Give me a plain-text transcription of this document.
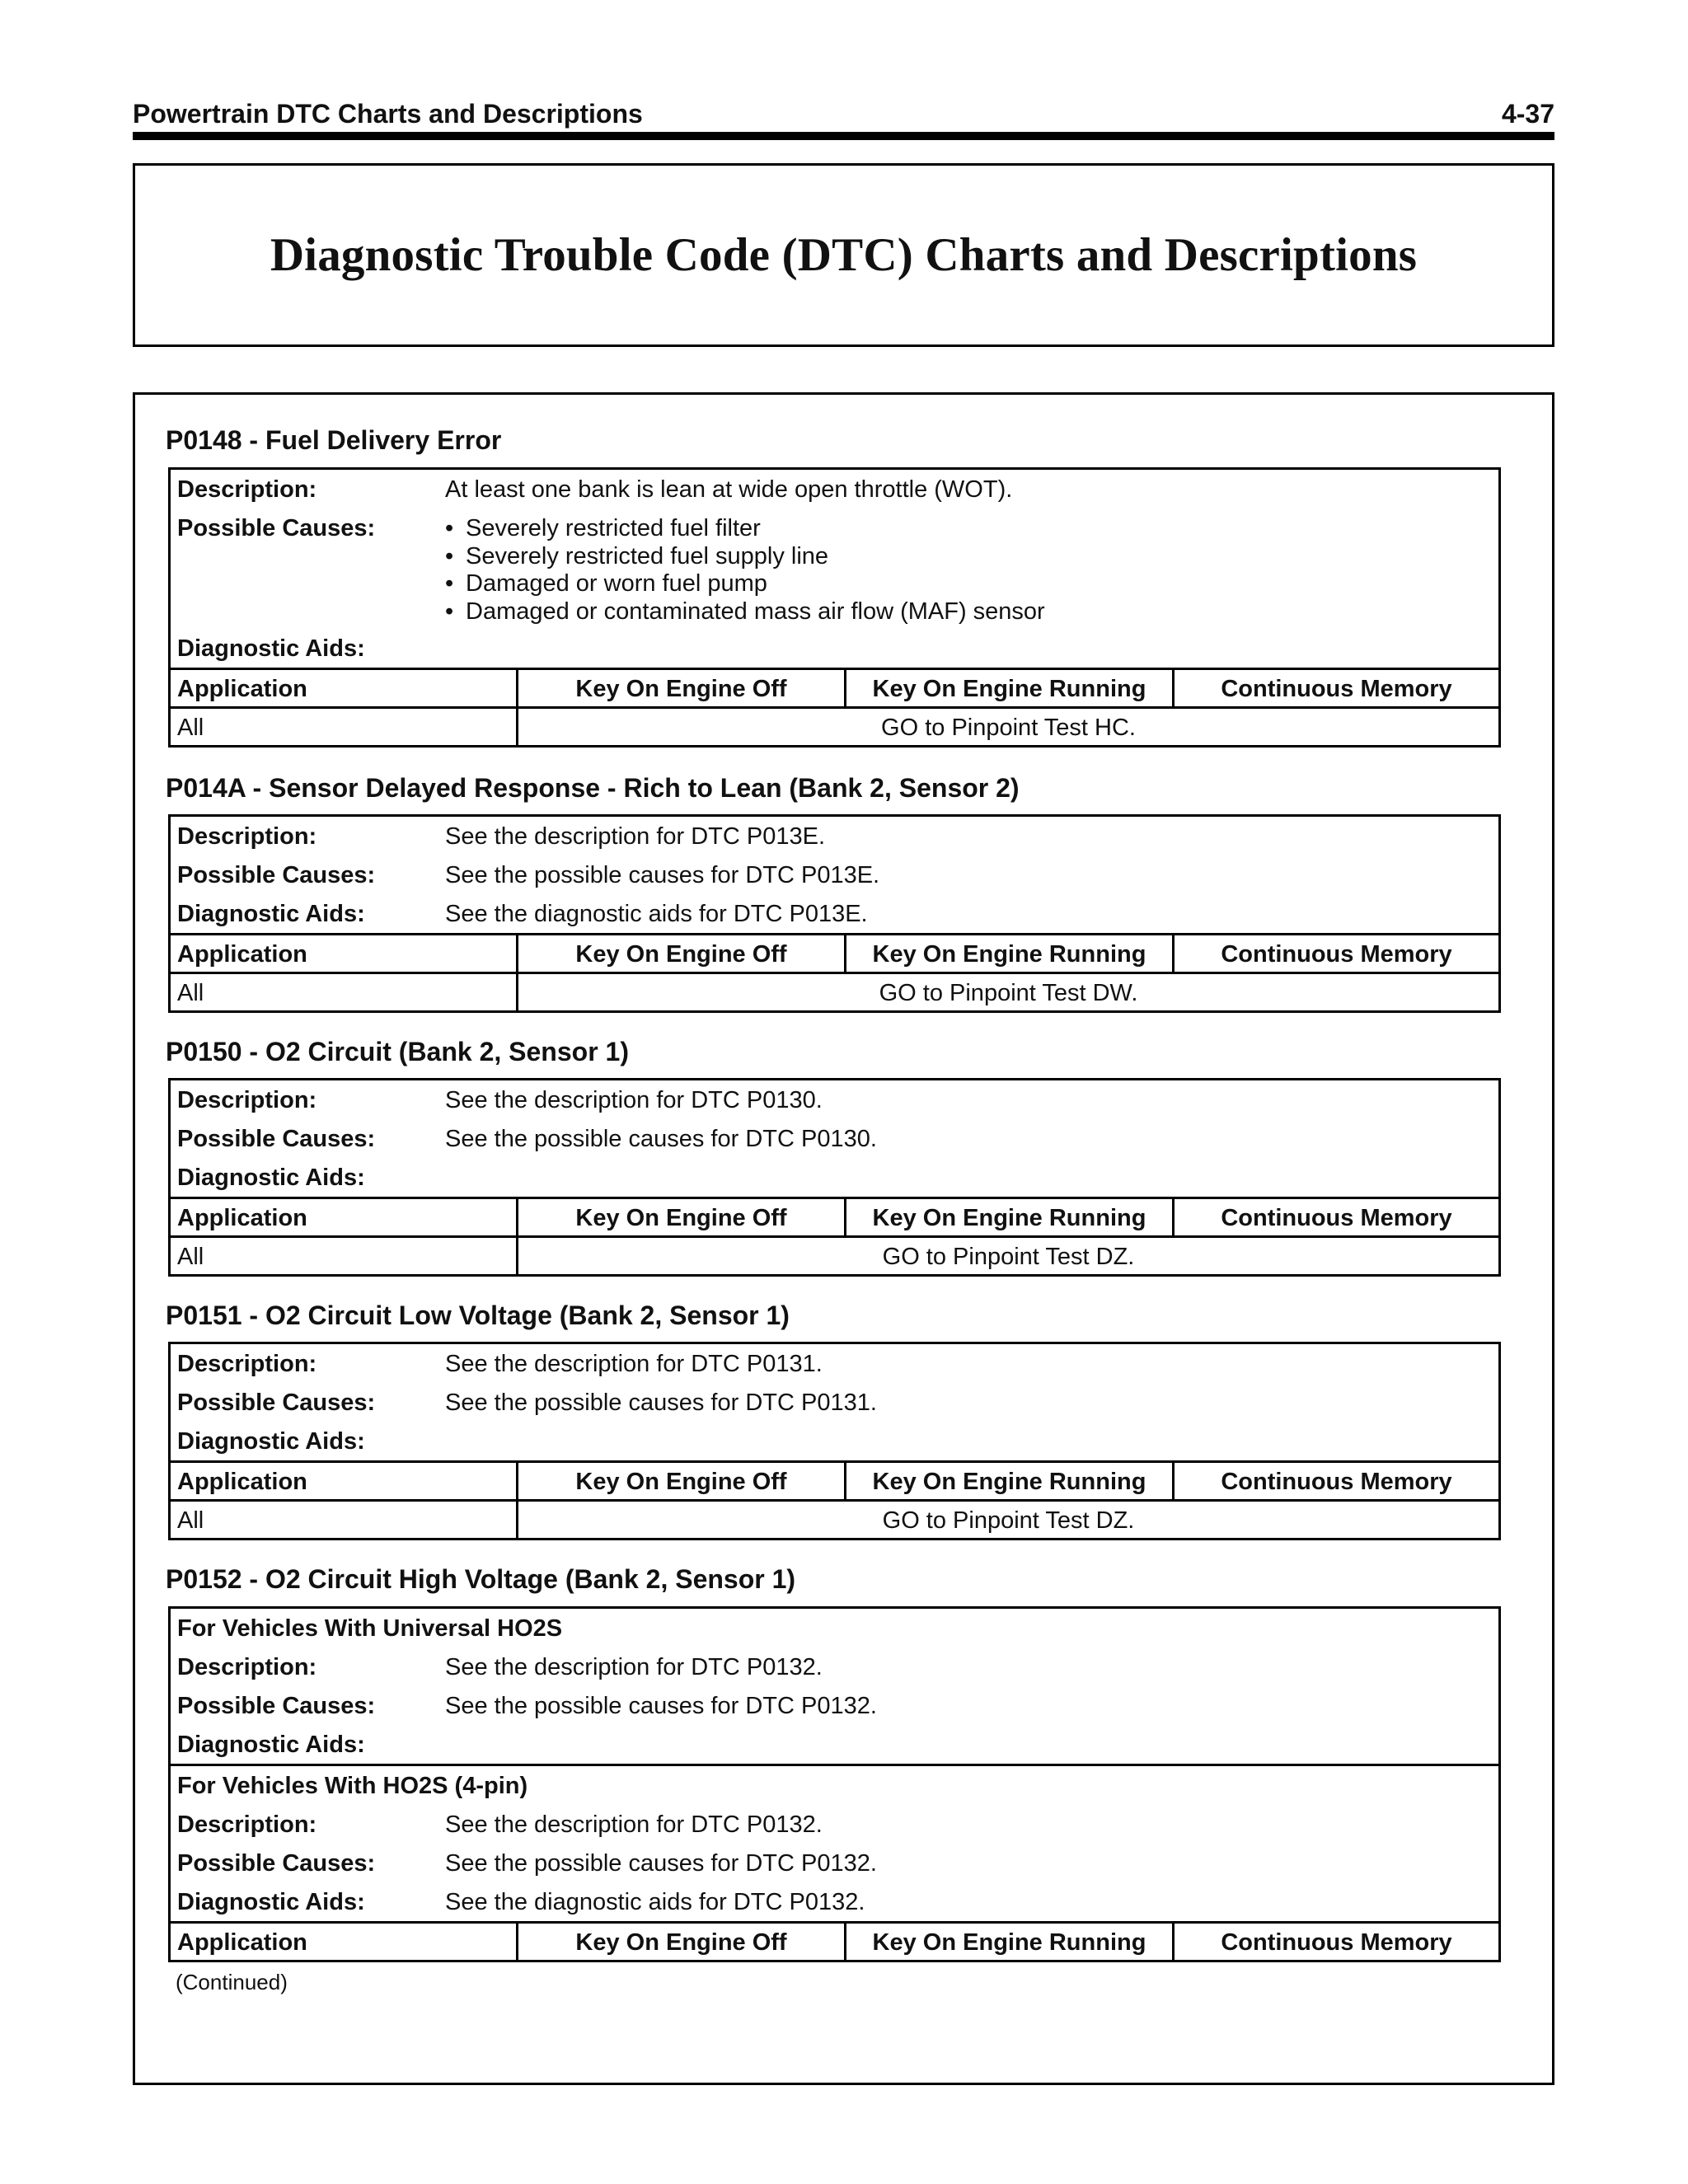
Powertrain DTC Charts and Descriptions	4-37
Diagnostic Trouble Code (DTC) Charts and Descriptions
P0148 - Fuel Delivery Error
Description:	At least one bank is lean at wide open throttle (WOT).
Possible Causes:
•	Severely restricted fuel filter
• Severely restricted fuel supply line
• Damaged or worn fuel pump
• Damaged or contaminated mass air flow (MAF) sensor
Diagnostic Aids:
Application	Key On Engine Off	Key On Engine Running	Continuous Memory
All	GO to Pinpoint Test HC.
P014A - Sensor Delayed Response - Rich to Lean (Bank 2, Sensor 2)
Description:	See the description for DTC P013E.
Possible Causes:	See the possible causes for DTC P013E.
Diagnostic Aids:	See the diagnostic aids for DTC P013E.
Application	Key On Engine Off	Key On Engine Running	Continuous Memory
All	GO to Pinpoint Test DW.
P0150 - O2 Circuit (Bank 2, Sensor 1)
Description:	See the description for DTC P0130.
Possible Causes:	See the possible causes for DTC P0130.
Diagnostic Aids:
Application	Key On Engine Off	Key On Engine Running	Continuous Memory
All	GO to Pinpoint Test DZ.
P0151 - O2 Circuit Low Voltage (Bank 2, Sensor 1)
Description:	See the description for DTC P0131.
Possible Causes:	See the possible causes for DTC P0131.
Diagnostic Aids:
Application	Key On Engine Off	Key On Engine Running	Continuous Memory
All	GO to Pinpoint Test DZ.
P0152 - O2 Circuit High Voltage (Bank 2, Sensor 1)
For Vehicles With Universal HO2S
Description:	See the description for DTC P0132.
Possible Causes:	See the possible causes for DTC P0132.
Diagnostic Aids:
For Vehicles With HO2S (4-pin)
Description:	See the description for DTC P0132.
Possible Causes:	See the possible causes for DTC P0132.
Diagnostic Aids:	See the diagnostic aids for DTC P0132.
Application	Key On Engine Off	Key On Engine Running	Continuous Memory
(Continued)
